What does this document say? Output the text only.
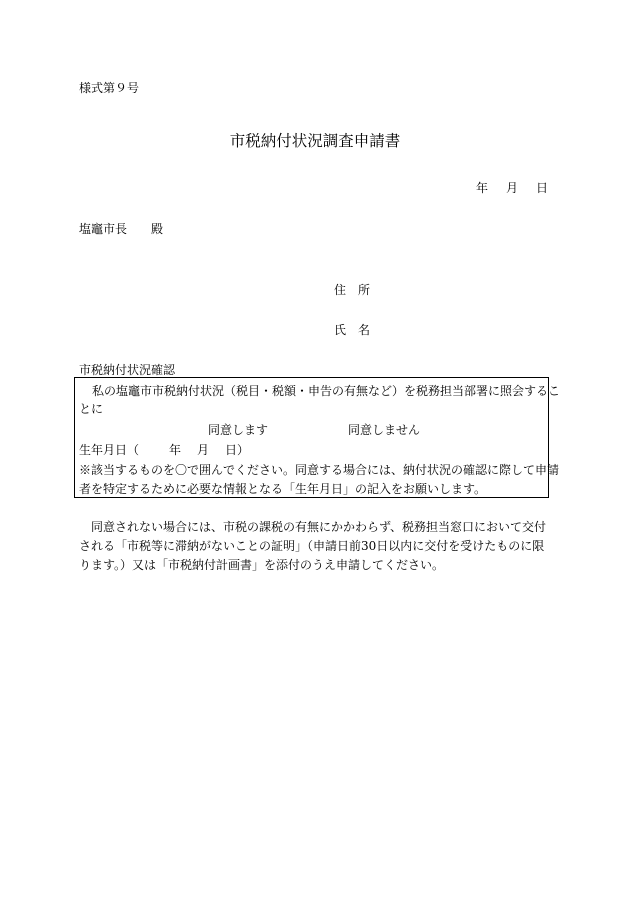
様式第９号
市税納付状況調査申請書
年 月 日
塩竈市長 殿
住　所
氏　名
市税納付状況確認
私の塩竈市市税納付状況（税目・税額・申告の有無など）を税務担当部署に照会するこ
とに
同意します	同意しません
生年月日（	年 月 日）
※該当するものを〇で囲んでください。同意する場合には、納付状況の確認に際して申請
者を特定するために必要な情報となる「生年月日」の記入をお願いします。
同意されない場合には、市税の課税の有無にかかわらず、税務担当窓口において交付される「市税等に滞納がないことの証明」（申請日前30日以内に交付を受けたものに限ります。）又は「市税納付計画書」を添付のうえ申請してください。
